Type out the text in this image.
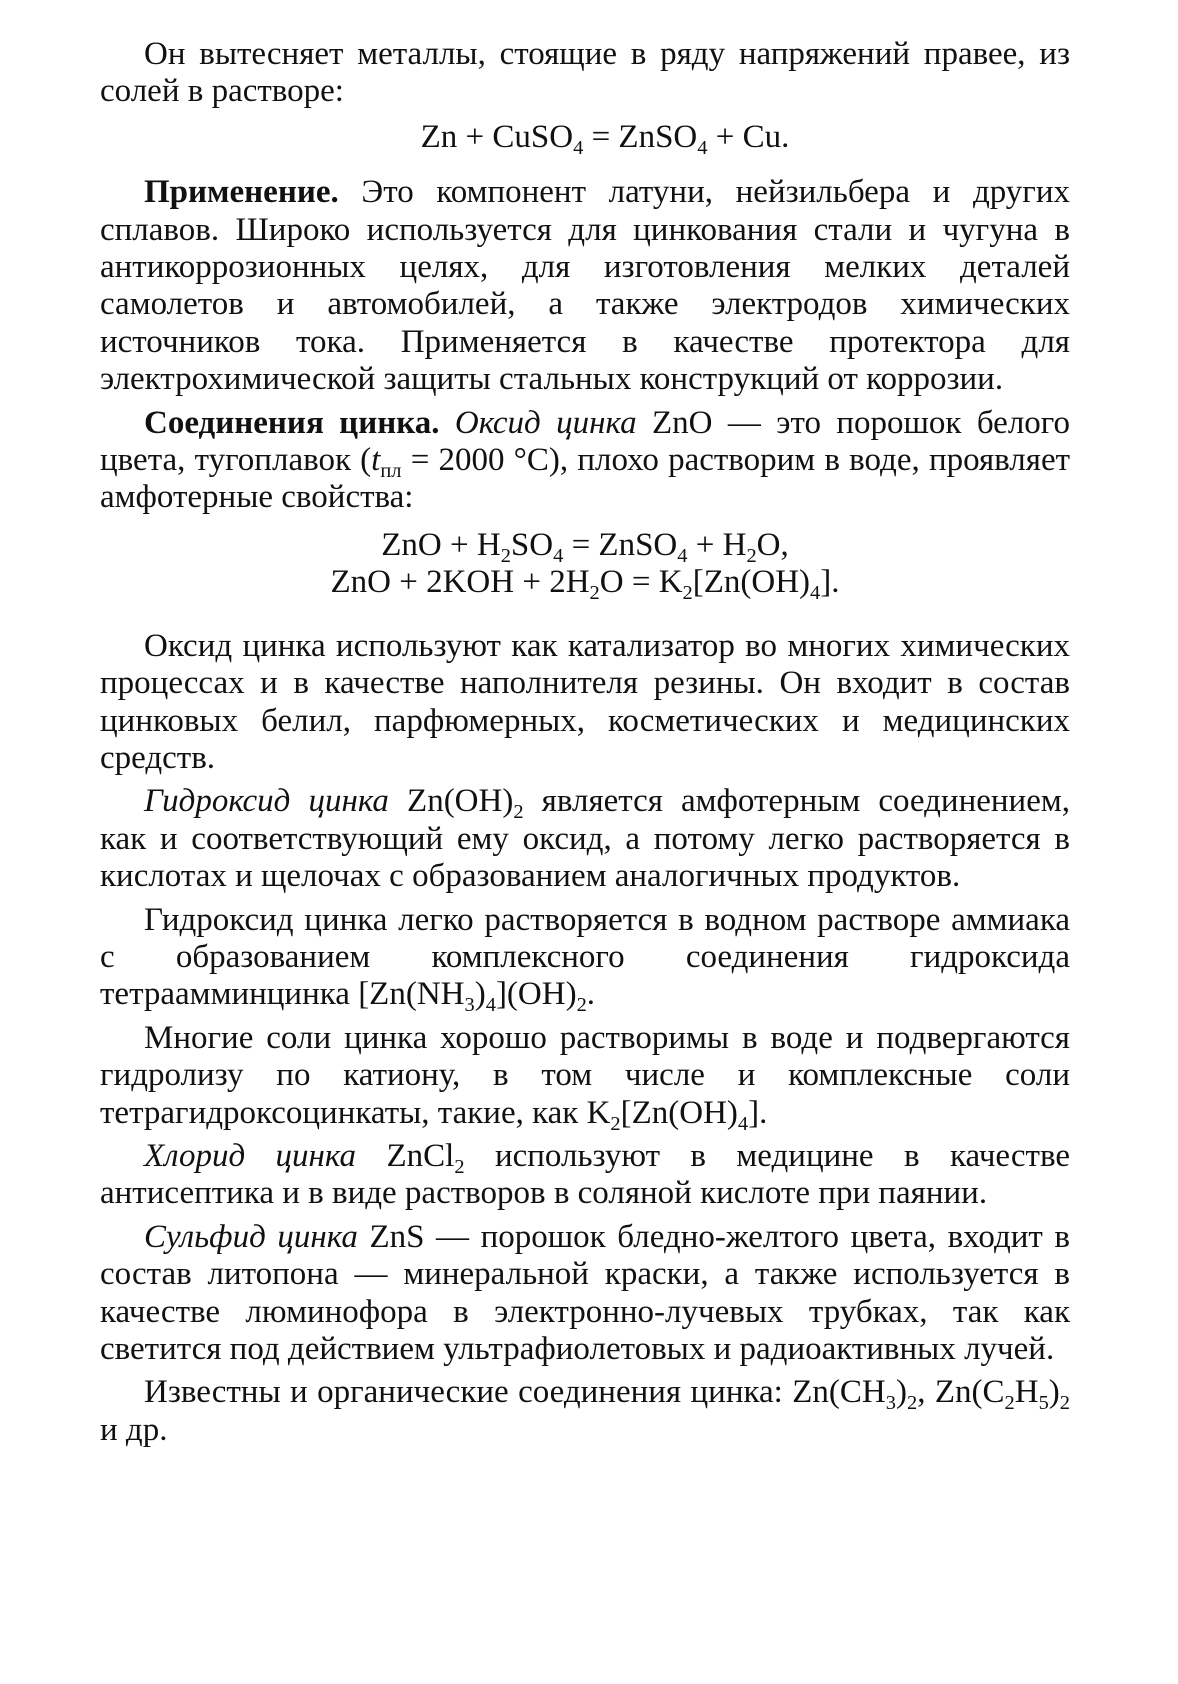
Он вытесняет металлы, стоящие в ряду напряжений правее, из солей в растворе:

Zn + CuSO$_4$ = ZnSO$_4$ + Cu.

Применение. Это компонент латуни, нейзильбера и других сплавов. Широко используется для цинкования стали и чугуна в антикоррозионных целях, для изготовления мелких деталей самолетов и автомобилей, а также электродов химических источников тока. Применяется в качестве протектора для электрохимической защиты стальных конструкций от коррозии.

Соединения цинка. Оксид цинка ZnO — это порошок белого цвета, тугоплавок ($t_{пл} = 2000$ °С), плохо растворим в воде, проявляет амфотерные свойства:

ZnO + $H_2SO_4$ = ZnSO$_4$ + $H_2O$,

ZnO + $2KOH + 2H_2O = K_2[Zn(OH)_4]$.

Оксид цинка используют как катализатор во многих химических процессах и в качестве наполнителя резины. Он входит в состав цинковых белил, парфюмерных, косметических и медицинских средств.

Гидроксид цинка $Zn(OH)_2$ является амфотерным соединением, как и соответствующий ему оксид, а потому легко растворяется в кислотах и щелочах с образованием аналогичных продуктов.

Гидроксид цинка легко растворяется в водном растворе аммиака с образованием комплексного соединения гидроксида тетраамминцинка $[Zn(NH_3)_4](OH)_2$.

Многие соли цинка хорошо растворимы в воде и подвергаются гидролизу по катиону, в том числе и комплексные соли тетрагидроксоцинкаты, такие, как $K_2[Zn(OH)_4]$.

Хлорид цинка ZnCl$_2$ используют в медицине в качестве антисептика и в виде растворов в соляной кислоте при паянии.

Сульфид цинка ZnS — порошок бледно-желтого цвета, входит в состав литопона — минеральной краски, а также используется в качестве люминофора в электронно-лучевых трубках, так как светится под действием ультрафиолетовых и радиоактивных лучей.

Известны и органические соединения цинка: $Zn(CH_3)_2$, $Zn(C_2H_5)_2$ и др.
